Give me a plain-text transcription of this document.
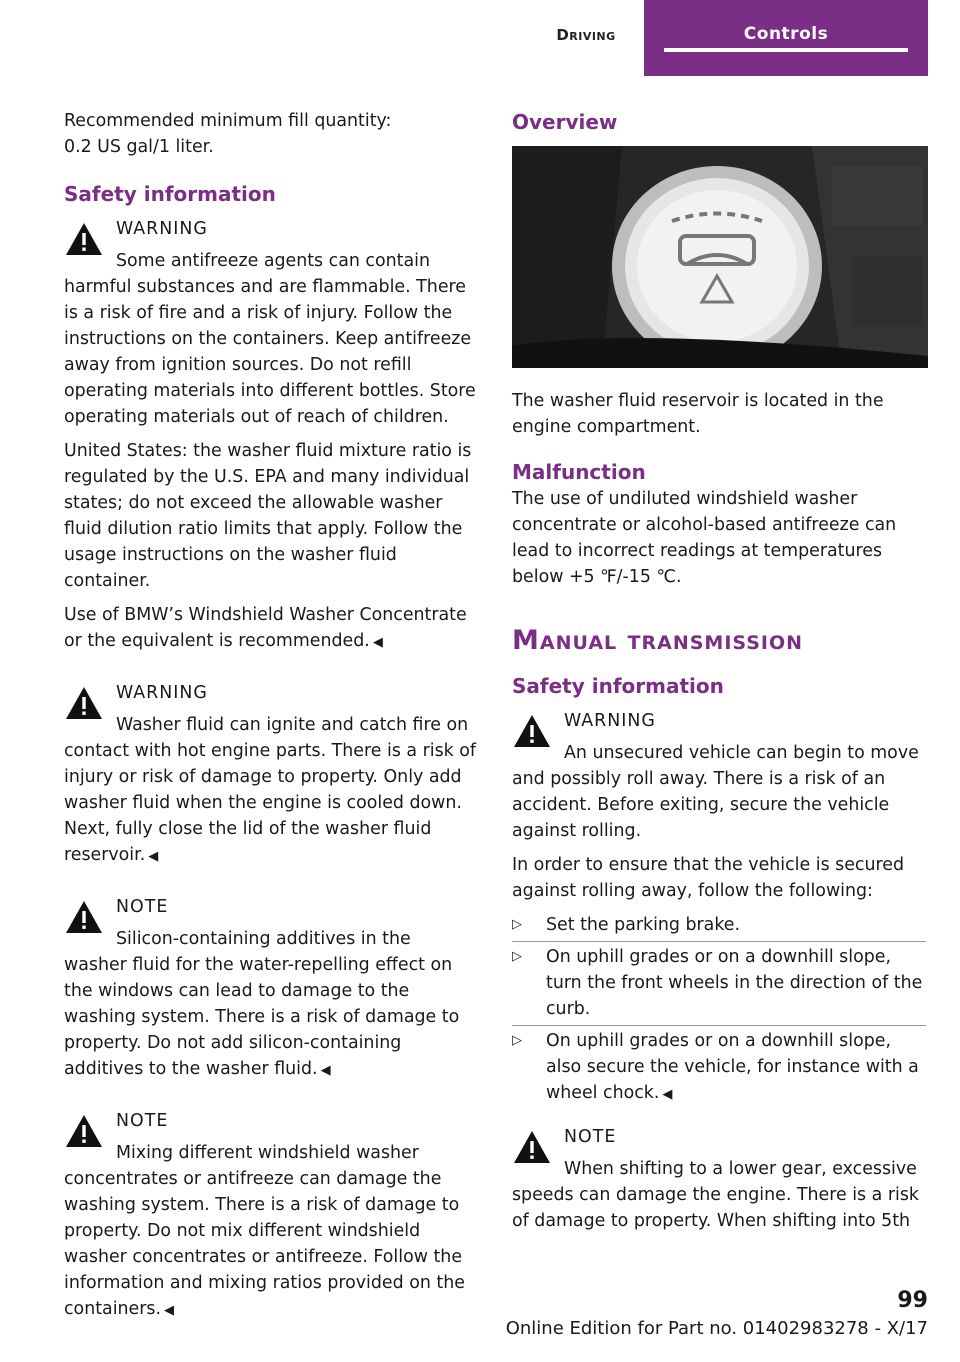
Driving	Controls

Recommended minimum fill quantity:

0.2 US gal/1 liter.

Safety information
WARNING
Some antifreeze agents can contain harmful substances and are flammable. There is a risk of fire and a risk of injury. Follow the instructions on the containers. Keep antifreeze away from ignition sources. Do not refill operating materials into different bottles. Store operating materials out of reach of children.

United States: the washer fluid mixture ratio is regulated by the U.S. EPA and many individual states; do not exceed the allowable washer fluid dilution ratio limits that apply. Follow the usage instructions on the washer fluid container.

Use of BMW’s Windshield Washer Concentrate or the equivalent is recommended. ◀

WARNING
Washer fluid can ignite and catch fire on contact with hot engine parts. There is a risk of injury or risk of damage to property. Only add washer fluid when the engine is cooled down. Next, fully close the lid of the washer fluid reservoir. ◀
NOTE
Silicon-containing additives in the washer fluid for the water-repelling effect on the windows can lead to damage to the washing system. There is a risk of damage to property. Do not add silicon-containing additives to the washer fluid. ◀
NOTE
Mixing different windshield washer concentrates or antifreeze can damage the washing system. There is a risk of damage to property. Do not mix different windshield washer concentrates or antifreeze. Follow the information and mixing ratios provided on the containers. ◀
Overview

The washer fluid reservoir is located in the engine compartment.

Malfunction

The use of undiluted windshield washer concentrate or alcohol-based antifreeze can lead to incorrect readings at temperatures below +5 ℉/-15 ℃.

Manual transmission
Safety information
WARNING
An unsecured vehicle can begin to move and possibly roll away. There is a risk of an accident. Before exiting, secure the vehicle against rolling.

In order to ensure that the vehicle is secured against rolling away, follow the following:

▷ Set the parking brake.
▷ On uphill grades or on a downhill slope, turn the front wheels in the direction of the curb.
▷ On uphill grades or on a downhill slope, also secure the vehicle, for instance with a wheel chock. ◀
NOTE
When shifting to a lower gear, excessive speeds can damage the engine. There is a risk of damage to property. When shifting into 5th
99
Online Edition for Part no. 01402983278 - X/17
